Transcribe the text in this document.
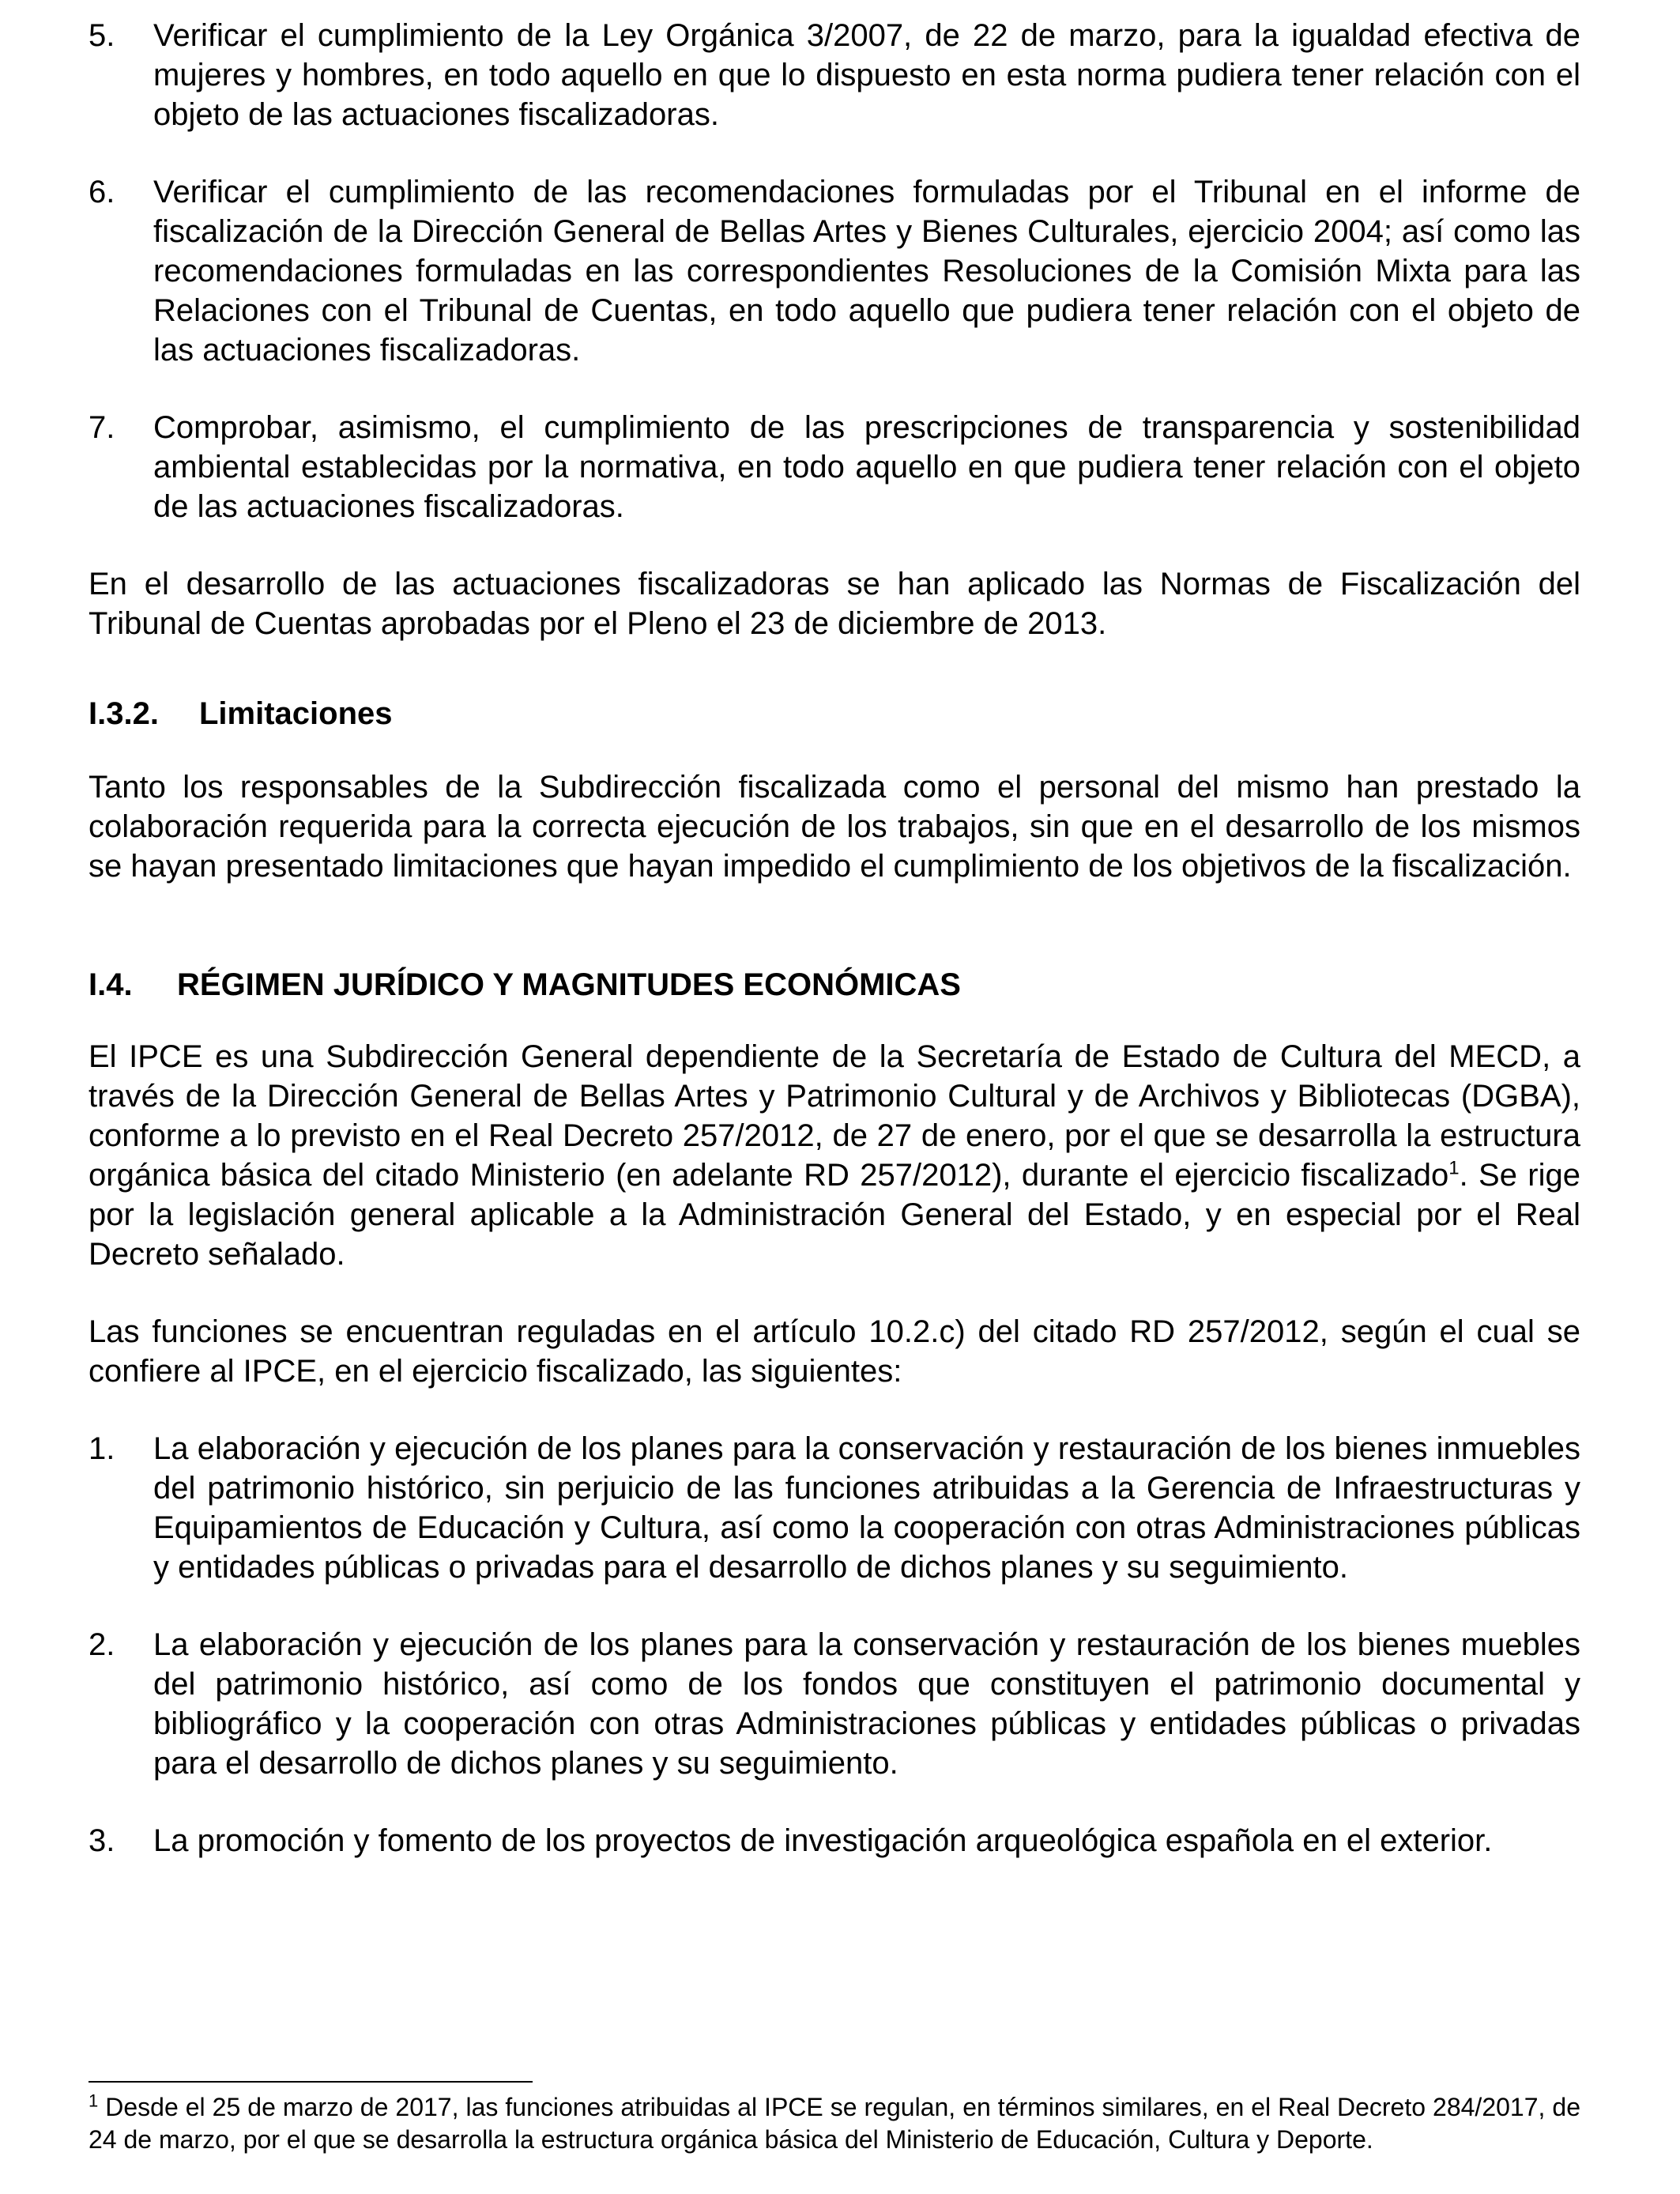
5. Verificar el cumplimiento de la Ley Orgánica 3/2007, de 22 de marzo, para la igualdad efectiva de mujeres y hombres, en todo aquello en que lo dispuesto en esta norma pudiera tener relación con el objeto de las actuaciones fiscalizadoras.
6. Verificar el cumplimiento de las recomendaciones formuladas por el Tribunal en el informe de fiscalización de la Dirección General de Bellas Artes y Bienes Culturales, ejercicio 2004; así como las recomendaciones formuladas en las correspondientes Resoluciones de la Comisión Mixta para las Relaciones con el Tribunal de Cuentas, en todo aquello que pudiera tener relación con el objeto de las actuaciones fiscalizadoras.
7. Comprobar, asimismo, el cumplimiento de las prescripciones de transparencia y sostenibilidad ambiental establecidas por la normativa, en todo aquello en que pudiera tener relación con el objeto de las actuaciones fiscalizadoras.

En el desarrollo de las actuaciones fiscalizadoras se han aplicado las Normas de Fiscalización del Tribunal de Cuentas aprobadas por el Pleno el 23 de diciembre de 2013.

I.3.2.	Limitaciones

Tanto los responsables de la Subdirección fiscalizada como el personal del mismo han prestado la colaboración requerida para la correcta ejecución de los trabajos, sin que en el desarrollo de los mismos se hayan presentado limitaciones que hayan impedido el cumplimiento de los objetivos de la fiscalización.

I.4.	RÉGIMEN JURÍDICO Y MAGNITUDES ECONÓMICAS

El IPCE es una Subdirección General dependiente de la Secretaría de Estado de Cultura del MECD, a través de la Dirección General de Bellas Artes y Patrimonio Cultural y de Archivos y Bibliotecas (DGBA), conforme a lo previsto en el Real Decreto 257/2012, de 27 de enero, por el que se desarrolla la estructura orgánica básica del citado Ministerio (en adelante RD 257/2012), durante el ejercicio fiscalizado$^1$. Se rige por la legislación general aplicable a la Administración General del Estado, y en especial por el Real Decreto señalado.

Las funciones se encuentran reguladas en el artículo 10.2.c) del citado RD 257/2012, según el cual se confiere al IPCE, en el ejercicio fiscalizado, las siguientes:

1. La elaboración y ejecución de los planes para la conservación y restauración de los bienes inmuebles del patrimonio histórico, sin perjuicio de las funciones atribuidas a la Gerencia de Infraestructuras y Equipamientos de Educación y Cultura, así como la cooperación con otras Administraciones públicas y entidades públicas o privadas para el desarrollo de dichos planes y su seguimiento.
2. La elaboración y ejecución de los planes para la conservación y restauración de los bienes muebles del patrimonio histórico, así como de los fondos que constituyen el patrimonio documental y bibliográfico y la cooperación con otras Administraciones públicas y entidades públicas o privadas para el desarrollo de dichos planes y su seguimiento.
3. La promoción y fomento de los proyectos de investigación arqueológica española en el exterior.

$^1$ Desde el 25 de marzo de 2017, las funciones atribuidas al IPCE se regulan, en términos similares, en el Real Decreto 284/2017, de 24 de marzo, por el que se desarrolla la estructura orgánica básica del Ministerio de Educación, Cultura y Deporte.
